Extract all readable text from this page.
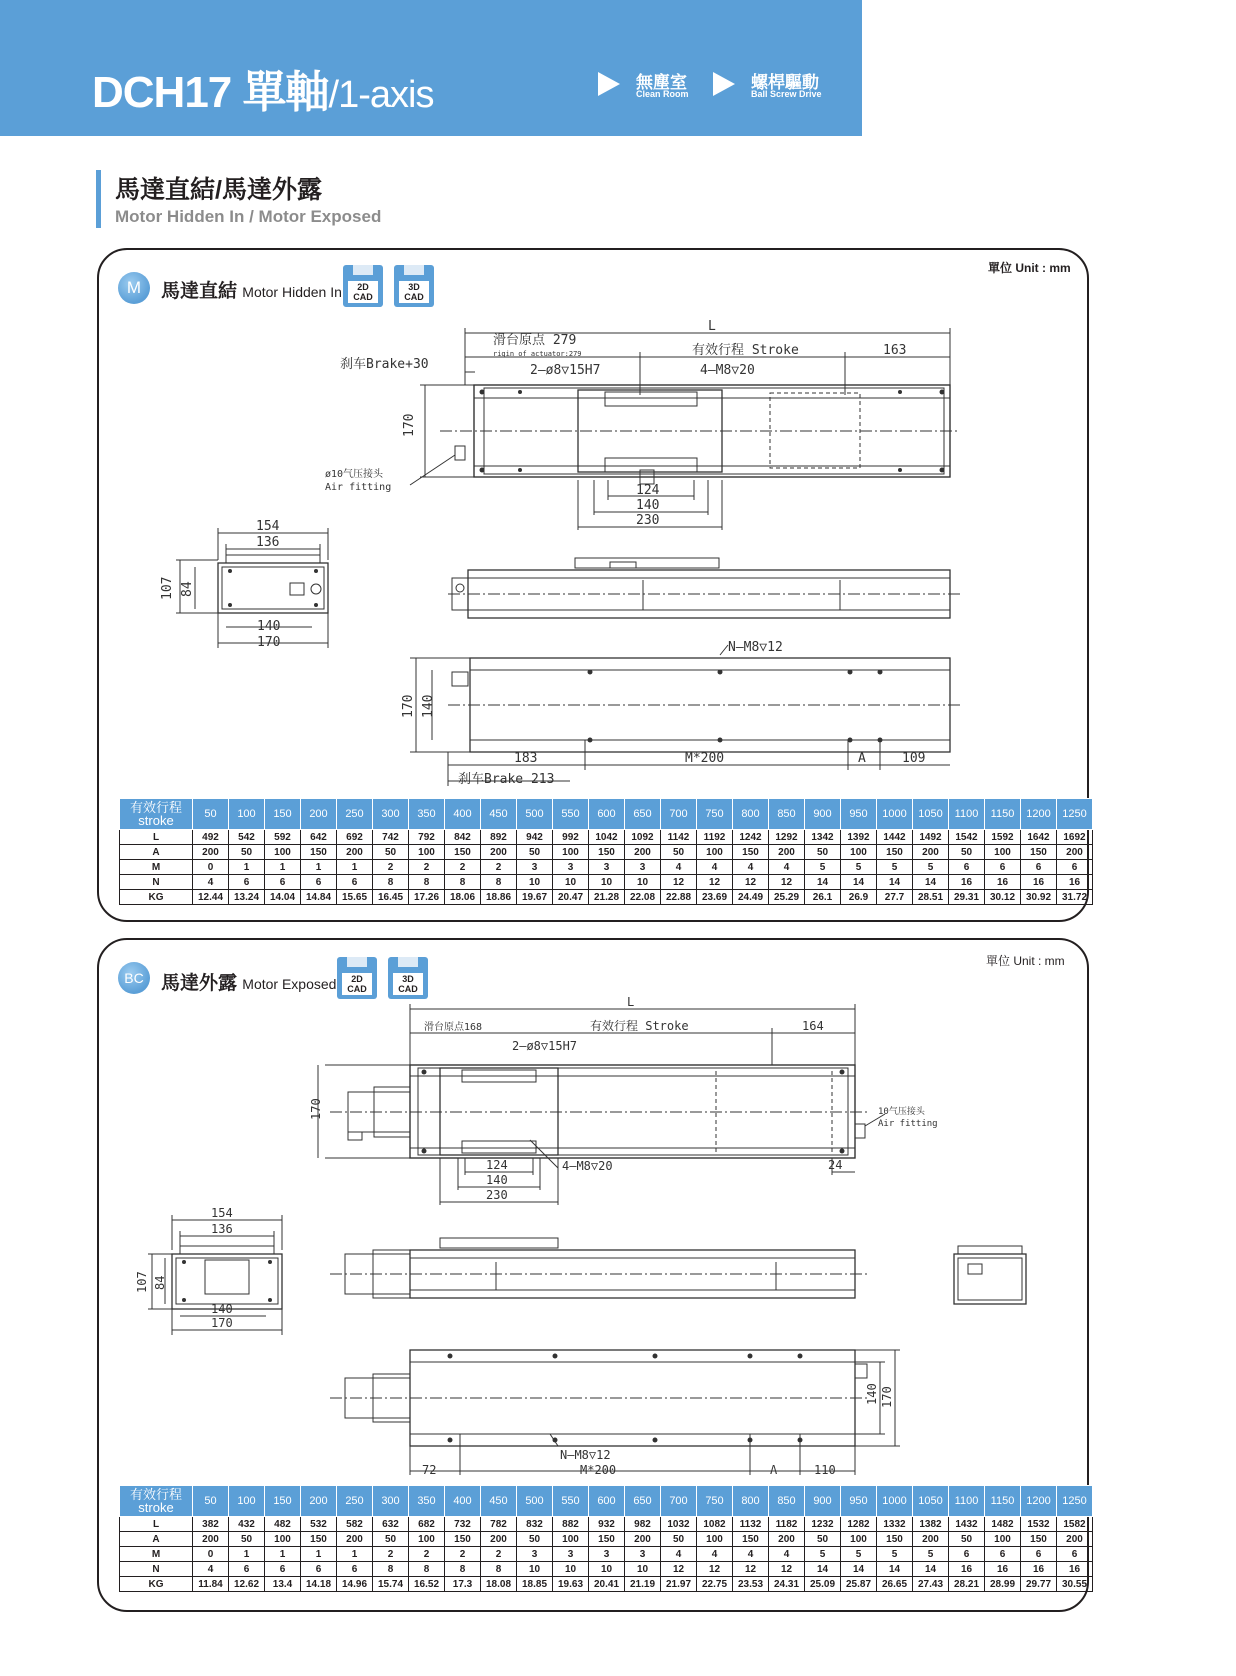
DCH17 單軸/1-axis	無塵室
Clean Room
螺桿驅動
Ball Screw Drive
馬達直結/馬達外露
Motor Hidden In / Motor Exposed
單位 Unit : mm
M	馬達直結 Motor Hidden In	2D
CAD
3D
CAD
L
滑台原点 279
rigin of actuator:279	有效行程 Stroke	163
刹车Brake+30	2—ø8▽15H7	4—M8▽20
170
ø10气压接头
Air fitting	124
140
230
154
136
107 84
140
170	N—M8▽12
170 140
183	M*200	A	109
刹车Brake 213
有效行程
stroke	50	100	150	200	250	300	350	400	450	500	550	600	650	700	750	800	850	900	950	1000	1050	1100	1150	1200	1250
L	492	542	592	642	692	742	792	842	892	942	992	1042	1092	1142	1192	1242	1292	1342	1392	1442	1492	1542	1592	1642	1692
A	200	50	100	150	200	50	100	150	200	50	100	150	200	50	100	150	200	50	100	150	200	50	100	150	200
M	0	1	1	1	1	2	2	2	2	3	3	3	3	4	4	4	4	5	5	5	5	6	6	6	6
N	4	6	6	6	6	8	8	8	8	10	10	10	10	12	12	12	12	14	14	14	14	16	16	16	16
KG	12.44	13.24	14.04	14.84	15.65	16.45	17.26	18.06	18.86	19.67	20.47	21.28	22.08	22.88	23.69	24.49	25.29	26.1	26.9	27.7	28.51	29.31	30.12	30.92	31.72
單位 Unit : mm
BC 馬達外露 Motor Exposed	2D
CAD
3D
CAD
L
滑台原点168	有效行程 Stroke	164
2—ø8▽15H7
170	10气压接头
Air fitting
4—M8▽20	24
124
140
230
154
136
107 84
140
170
140 170
N—M8▽12
M*200
72	A	110
有效行程
stroke	50	100	150	200	250	300	350	400	450	500	550	600	650	700	750	800	850	900	950	1000	1050	1100	1150	1200	1250
L	382	432	482	532	582	632	682	732	782	832	882	932	982	1032	1082	1132	1182	1232	1282	1332	1382	1432	1482	1532	1582
A	200	50	100	150	200	50	100	150	200	50	100	150	200	50	100	150	200	50	100	150	200	50	100	150	200
M	0	1	1	1	1	2	2	2	2	3	3	3	3	4	4	4	4	5	5	5	5	6	6	6	6
N	4	6	6	6	6	8	8	8	8	10	10	10	10	12	12	12	12	14	14	14	14	16	16	16	16
KG	11.84	12.62	13.4	14.18	14.96	15.74	16.52	17.3	18.08	18.85	19.63	20.41	21.19	21.97	22.75	23.53	24.31	25.09	25.87	26.65	27.43	28.21	28.99	29.77	30.55
